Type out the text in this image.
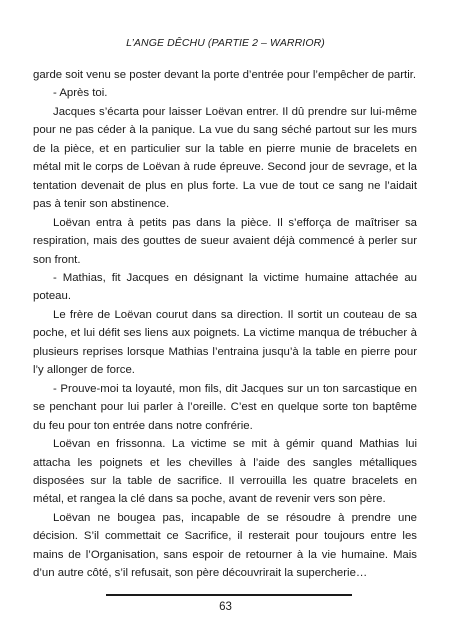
L’ANGE DÊCHU (PARTIE 2 – WARRIOR)

garde soit venu se poster devant la porte d’entrée pour l’empêcher de partir.

- Après toi.

Jacques s’écarta pour laisser Loëvan entrer. Il dû prendre sur lui-même pour ne pas céder à la panique. La vue du sang séché partout sur les murs de la pièce, et en particulier sur la table en pierre munie de bracelets en métal mit le corps de Loëvan à rude épreuve. Second jour de sevrage, et la tentation devenait de plus en plus forte. La vue de tout ce sang ne l’aidait pas à tenir son abstinence.

Loëvan entra à petits pas dans la pièce. Il s’efforça de maîtriser sa respiration, mais des gouttes de sueur avaient déjà commencé à perler sur son front.

- Mathias, fit Jacques en désignant la victime humaine attachée au poteau.

Le frère de Loëvan courut dans sa direction. Il sortit un couteau de sa poche, et lui défit ses liens aux poignets. La victime manqua de trébucher à plusieurs reprises lorsque Mathias l’entraina jusqu’à la table en pierre pour l’y allonger de force.

- Prouve-moi ta loyauté, mon fils, dit Jacques sur un ton sarcastique en se penchant pour lui parler à l’oreille. C’est en quelque sorte ton baptême du feu pour ton entrée dans notre confrérie.

Loëvan en frissonna. La victime se mit à gémir quand Mathias lui attacha les poignets et les chevilles à l’aide des sangles métalliques disposées sur la table de sacrifice. Il verrouilla les quatre bracelets en métal, et rangea la clé dans sa poche, avant de revenir vers son père.

Loëvan ne bougea pas, incapable de se résoudre à prendre une décision. S’il commettait ce Sacrifice, il resterait pour toujours entre les mains de l’Organisation, sans espoir de retourner à la vie humaine. Mais d’un autre côté, s’il refusait, son père découvrirait la supercherie…

63
